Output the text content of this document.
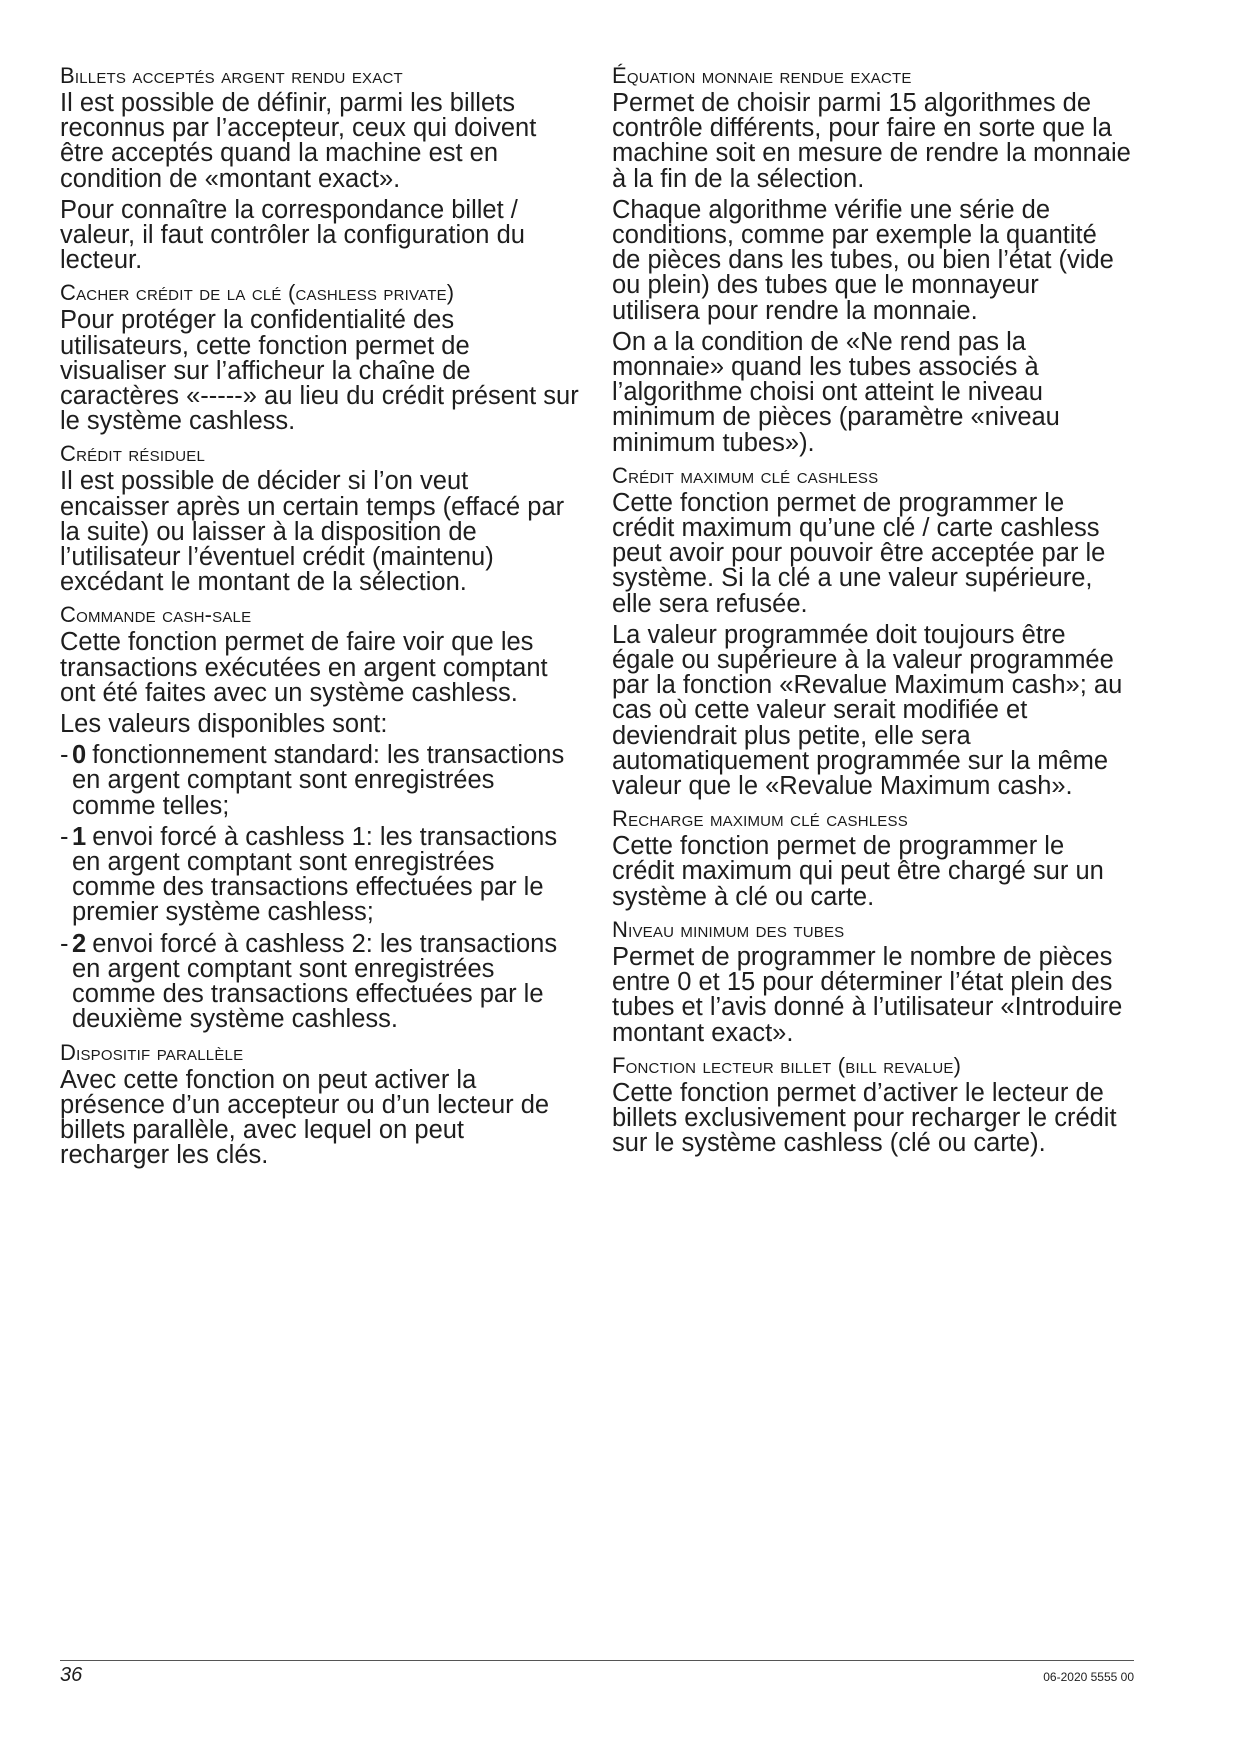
Billets acceptés argent rendu exact

Il est possible de définir, parmi les billets reconnus par l’accepteur, ceux qui doivent être acceptés quand la machine est en condition de «montant exact».

Pour connaître la correspondance billet / valeur, il faut contrôler la configuration du lecteur.

Cacher crédit de la clé (cashless private)

Pour protéger la confidentialité des utilisateurs, cette fonction permet de visualiser sur l’afficheur la chaîne de caractères «-----» au lieu du crédit présent sur le système cashless.

Crédit résiduel

Il est possible de décider si l’on veut encaisser après un certain temps (effacé par la suite) ou laisser à la disposition de l’utilisateur l’éventuel crédit (maintenu) excédant le montant de la sélection.

Commande cash-sale

Cette fonction permet de faire voir que les transactions exécutées en argent comptant ont été faites avec un système cashless.

Les valeurs disponibles sont:

- 0 fonctionnement standard: les transactions en argent comptant sont enregistrées comme telles;
- 1 envoi forcé à cashless 1: les transactions en argent comptant sont enregistrées comme des transactions effectuées par le premier système cashless;
- 2 envoi forcé à cashless 2: les transactions en argent comptant sont enregistrées comme des transactions effectuées par le deuxième système cashless.
Dispositif parallèle

Avec cette fonction on peut activer la présence d’un accepteur ou d’un lecteur de billets parallèle, avec lequel on peut recharger les clés.

Équation monnaie rendue exacte

Permet de choisir parmi 15 algorithmes de contrôle différents, pour faire en sorte que la machine soit en mesure de rendre la monnaie à la fin de la sélection.

Chaque algorithme vérifie une série de conditions, comme par exemple la quantité de pièces dans les tubes, ou bien l’état (vide ou plein) des tubes que le monnayeur utilisera pour rendre la monnaie.

On a la condition de «Ne rend pas la monnaie» quand les tubes associés à l’algorithme choisi ont atteint le niveau minimum de pièces (paramètre «niveau minimum tubes»).

Crédit maximum clé cashless

Cette fonction permet de programmer le crédit maximum qu’une clé / carte cashless peut avoir pour pouvoir être acceptée par le système. Si la clé a une valeur supérieure, elle sera refusée.

La valeur programmée doit toujours être égale ou supérieure à la valeur programmée par la fonction «Revalue Maximum cash»; au cas où cette valeur serait modifiée et deviendrait plus petite, elle sera automatiquement programmée sur la même valeur que le «Revalue Maximum cash».

Recharge maximum clé cashless

Cette fonction permet de programmer le crédit maximum qui peut être chargé sur un système à clé ou carte.

Niveau minimum des tubes

Permet de programmer le nombre de pièces entre 0 et 15 pour déterminer l’état plein des tubes et l’avis donné à l’utilisateur «Introduire montant exact».

Fonction lecteur billet (bill revalue)

Cette fonction permet d’activer le lecteur de billets exclusivement pour recharger le crédit sur le système cashless (clé ou carte).

36	06-2020 5555 00
